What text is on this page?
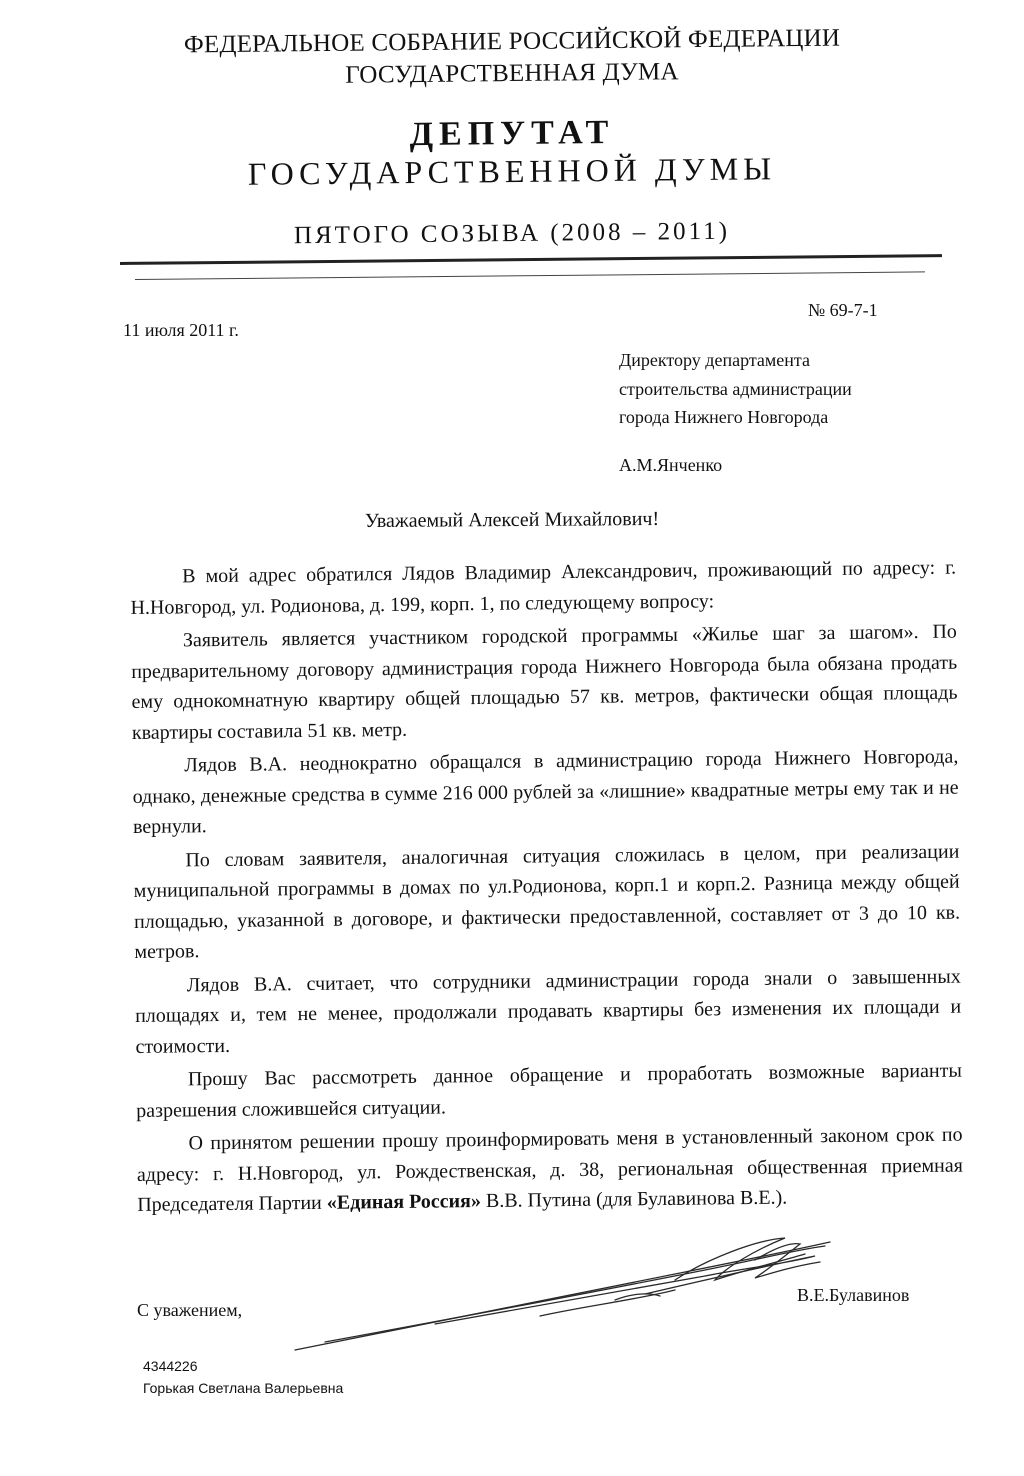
ФЕДЕРАЛЬНОЕ СОБРАНИЕ РОССИЙСКОЙ ФЕДЕРАЦИИ
ГОСУДАРСТВЕННАЯ ДУМА
ДЕПУТАТ
ГОСУДАРСТВЕННОЙ ДУМЫ
ПЯТОГО СОЗЫВА (2008 – 2011)
№ 69-7-1
11 июля 2011 г.
Директору департамента
строительства администрации
города Нижнего Новгорода
А.М.Янченко
Уважаемый Алексей Михайлович!

В мой адрес обратился Лядов Владимир Александрович, проживающий по адресу: г. Н.Новгород, ул. Родионова, д. 199, корп. 1, по следующему вопросу:

Заявитель является участником городской программы «Жилье шаг за шагом». По предварительному договору администрация города Нижнего Новгорода была обязана продать ему однокомнатную квартиру общей площадью 57 кв. метров, фактически общая площадь квартиры составила 51 кв. метр.

Лядов В.А. неоднократно обращался в администрацию города Нижнего Новгорода, однако, денежные средства в сумме 216 000 рублей за «лишние» квадратные метры ему так и не вернули.

По словам заявителя, аналогичная ситуация сложилась в целом, при реализации муниципальной программы в домах по ул.Родионова, корп.1 и корп.2. Разница между общей площадью, указанной в договоре, и фактически предоставленной, составляет от 3 до 10 кв. метров.

Лядов В.А. считает, что сотрудники администрации города знали о завышенных площадях и, тем не менее, продолжали продавать квартиры без изменения их площади и стоимости.

Прошу Вас рассмотреть данное обращение и проработать возможные варианты разрешения сложившейся ситуации.

О принятом решении прошу проинформировать меня в установленный законом срок по адресу: г. Н.Новгород, ул. Рождественская, д. 38, региональная общественная приемная Председателя Партии «Единая Россия» В.В. Путина (для Булавинова В.Е.).

С уважением,
В.Е.Булавинов
4344226
Горькая Светлана Валерьевна
